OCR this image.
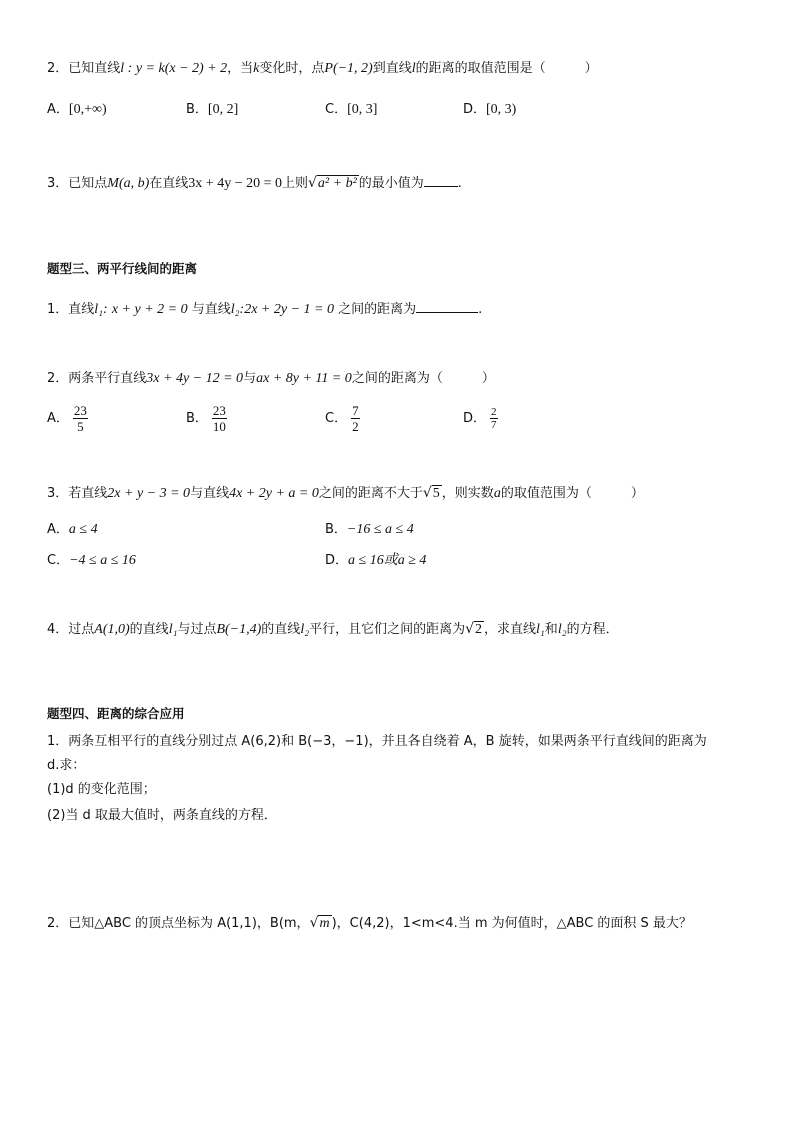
2．已知直线l : y = k(x − 2) + 2，当k变化时，点P(−1, 2)到直线l的距离的取值范围是（　　　）
A．[0,+∞)	B．[0, 2]	C．[0, 3]	D．[0, 3)
3．已知点M(a, b)在直线3x + 4y − 20 = 0上则√a² + b² 的最小值为	.
题型三、两平行线间的距离
1．直线l₁: x + y + 2 = 0 与直线l₂:2x + 2y − 1 = 0 之间的距离为	.
2．两条平行直线3x + 4y − 12 = 0与ax + 8y + 11 = 0之间的距离为（　　　）
A． $\frac{23}{5}$	B． $\frac{23}{10}$	C． $\frac{7}{2}$	D． $\frac{2}{7}$
3．若直线2x + y − 3 = 0与直线4x + 2y + a = 0之间的距离不大于√5 ，则实数a的取值范围为（　　　）
A．a ≤ 4	B．−16 ≤ a ≤ 4
C．−4 ≤ a ≤ 16	D．a ≤ 16或a ≥ 4
4．过点A(1,0)的直线l₁与过点B(−1,4)的直线l₂平行，且它们之间的距离为√2 ，求直线l₁和l₂的方程．
题型四、距离的综合应用
1．两条互相平行的直线分别过点 A(6,2)和 B(−3，−1)，并且各自绕着 A，B 旋转，如果两条平行直线间的距离为
d.求：
(1)d 的变化范围；
(2)当 d 取最大值时，两条直线的方程．
2．已知△ABC 的顶点坐标为 A(1,1)，B(m，√m )，C(4,2)，1<m<4.当 m 为何值时，△ABC 的面积 S 最大？
